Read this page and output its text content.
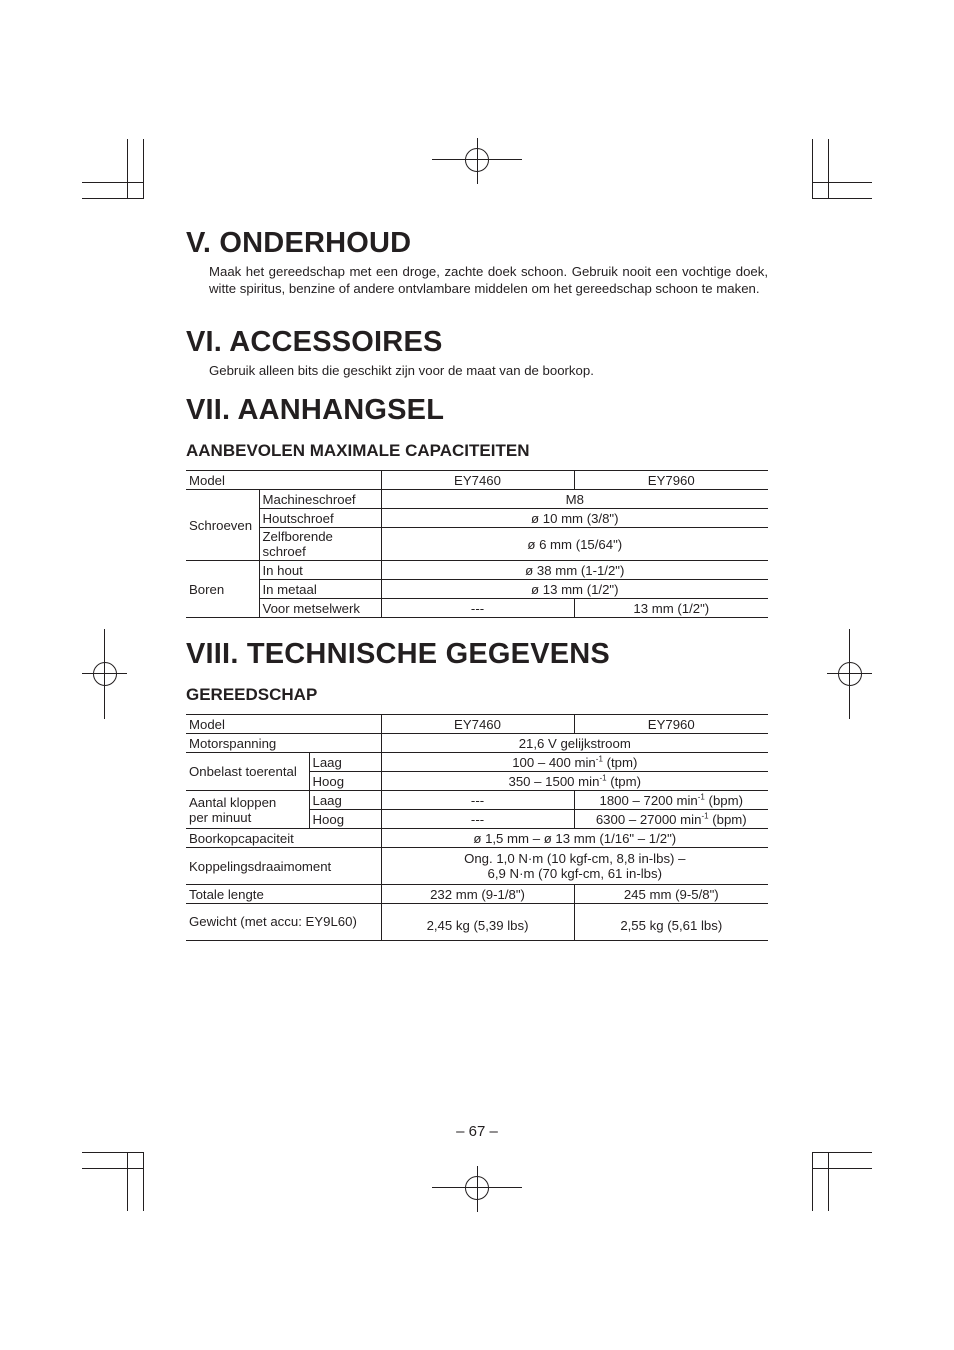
V. ONDERHOUD

Maak het gereedschap met een droge, zachte doek schoon. Gebruik nooit een vochtige doek, witte spiritus, benzine of andere ontvlambare middelen om het gereedschap schoon te maken.

VI. ACCESSOIRES

Gebruik alleen bits die geschikt zijn voor de maat van de boorkop.

VII. AANHANGSEL
AANBEVOLEN MAXIMALE CAPACITEITEN
Model		EY7460	EY7960
Schroeven	Machineschroef	M8	
	Houtschroef	ø 10 mm (3/8")	
	Zelfborende
schroef	ø 6 mm (15/64")	
Boren	In hout	ø 38 mm (1-1/2")	
	In metaal	ø 13 mm (1/2")	
	Voor metselwerk	---	13 mm (1/2")
VIII. TECHNISCHE GEGEVENS
GEREEDSCHAP
Model		EY7460	EY7960
Motorspanning		21,6 V gelijkstroom	
Onbelast toerental	Laag	100 – 400 $\min^{-1} (tpm)$	
	Hoog	350 – 1500 $\min^{-1} (tpm)$	
Aantal kloppen
per minuut	Laag	---	1800 – 7200 $\min^{-1} (bpm)$
	Hoog	---	6300 – 27000 $\min^{-1} (bpm)$
Boorkopcapaciteit		ø 1,5 mm – ø 13 mm (1/16" – 1/2")	
Koppelingsdraaimoment		Ong. 1,0 N·m (10 kgf-cm, 8,8 in-lbs) –
6,9 N·m (70 kgf-cm, 61 in-lbs)	
Totale lengte		232 mm (9-1/8")	245 mm (9-5/8")
Gewicht (met accu: EY9L60)		2,45 kg (5,39 lbs)	2,55 kg (5,61 lbs)
– 67 –
